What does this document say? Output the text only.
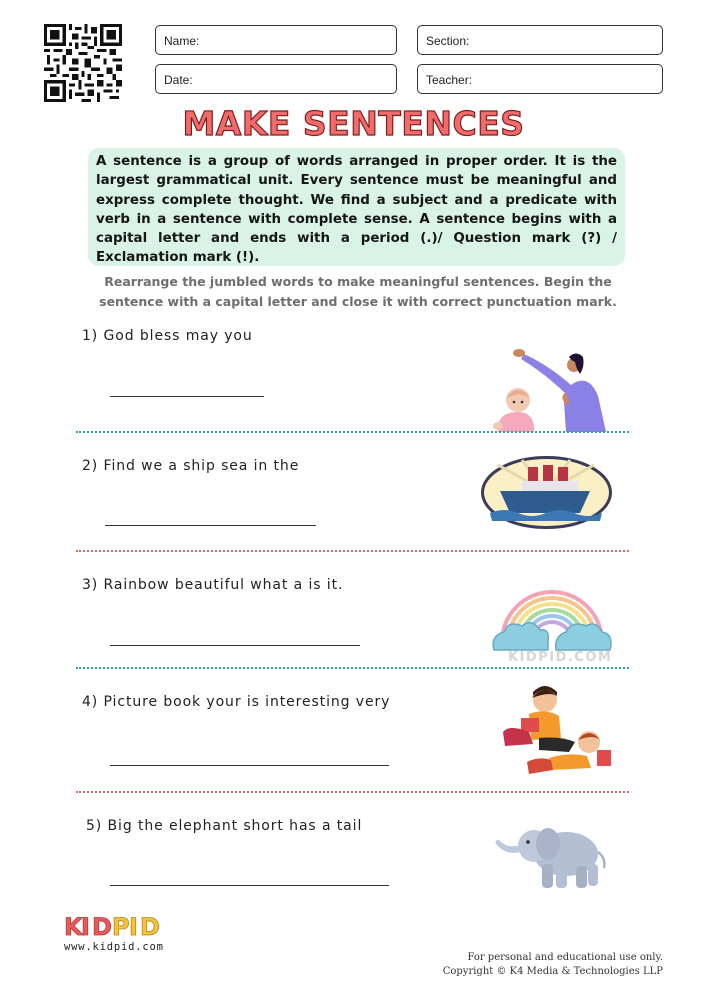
Name:	Section:
Date:	Teacher:
MAKE SENTENCES
A sentence is a group of words arranged in proper order. It is the largest grammatical unit. Every sentence must be meaningful and express complete thought. We find a subject and a predicate with verb in a sentence with complete sense. A sentence begins with a capital letter and ends with a period (.)/ Question mark (?) / Exclamation mark (!).
Rearrange the jumbled words to make meaningful sentences. Begin the sentence with a capital letter and close it with correct punctuation mark.
1) God bless may you
2) Find we a ship sea in the
3) Rainbow beautiful what a is it.
KIDPID.COM
4) Picture book your is interesting very
5) Big the elephant short has a tail
K
I D P I D
www.kidpid.com
For personal and educational use only.
Copyright © K4 Media & Technologies LLP
